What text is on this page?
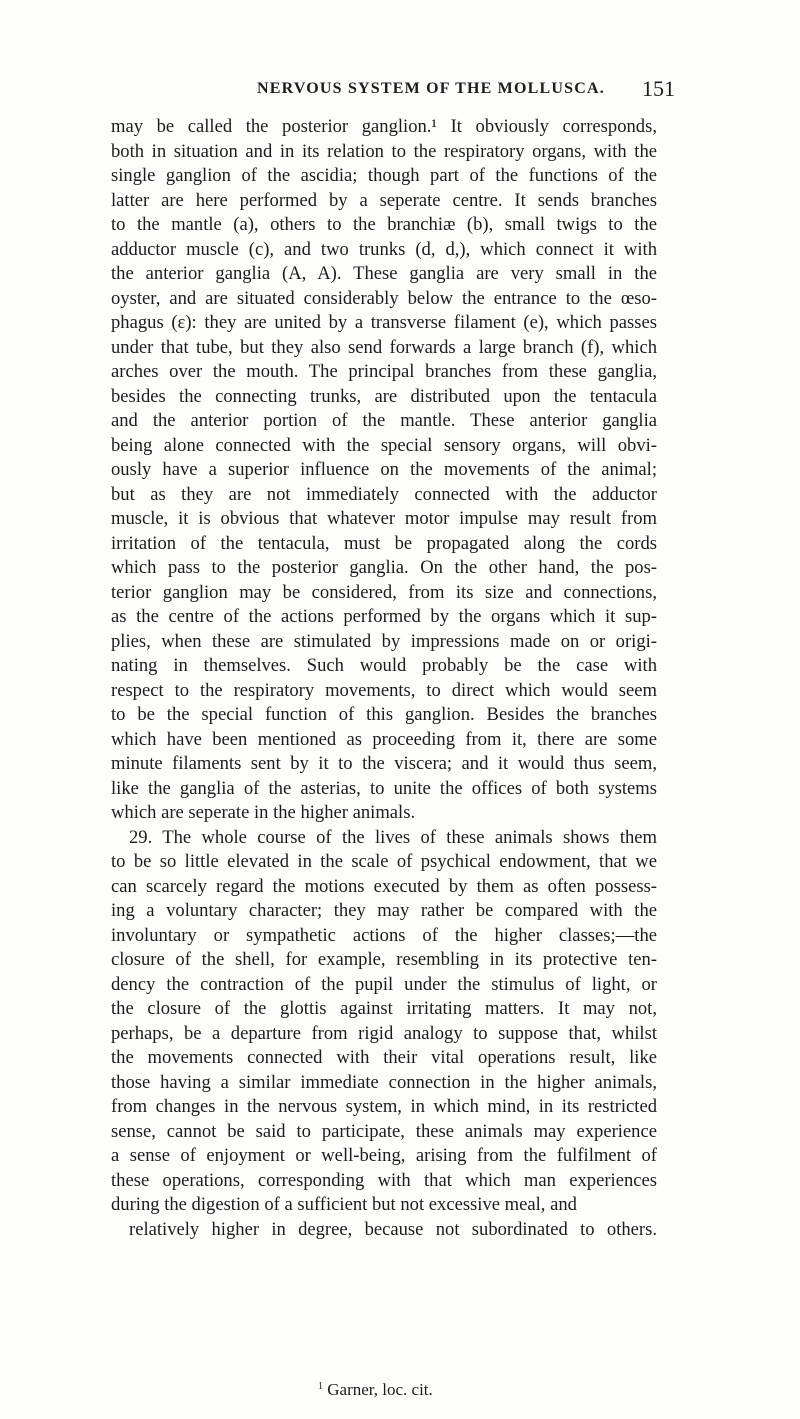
NERVOUS SYSTEM OF THE MOLLUSCA. 151
may be called the posterior ganglion.¹ It obviously corresponds,
both in situation and in its relation to the respiratory organs, with the
single ganglion of the ascidia; though part of the functions of the
latter are here performed by a seperate centre. It sends branches
to the mantle (a), others to the branchiæ (b), small twigs to the
adductor muscle (c), and two trunks (d, d,), which connect it with
the anterior ganglia (A, A). These ganglia are very small in the
oyster, and are situated considerably below the entrance to the œso-
phagus (ε): they are united by a transverse filament (e), which passes
under that tube, but they also send forwards a large branch (f), which
arches over the mouth. The principal branches from these ganglia,
besides the connecting trunks, are distributed upon the tentacula
and the anterior portion of the mantle. These anterior ganglia
being alone connected with the special sensory organs, will obvi-
ously have a superior influence on the movements of the animal;
but as they are not immediately connected with the adductor
muscle, it is obvious that whatever motor impulse may result from
irritation of the tentacula, must be propagated along the cords
which pass to the posterior ganglia. On the other hand, the pos-
terior ganglion may be considered, from its size and connections,
as the centre of the actions performed by the organs which it sup-
plies, when these are stimulated by impressions made on or origi-
nating in themselves. Such would probably be the case with
respect to the respiratory movements, to direct which would seem
to be the special function of this ganglion. Besides the branches
which have been mentioned as proceeding from it, there are some
minute filaments sent by it to the viscera; and it would thus seem,
like the ganglia of the asterias, to unite the offices of both systems
which are seperate in the higher animals.
29. The whole course of the lives of these animals shows them
to be so little elevated in the scale of psychical endowment, that we
can scarcely regard the motions executed by them as often possess-
ing a voluntary character; they may rather be compared with the
involuntary or sympathetic actions of the higher classes;—the
closure of the shell, for example, resembling in its protective ten-
dency the contraction of the pupil under the stimulus of light, or
the closure of the glottis against irritating matters. It may not,
perhaps, be a departure from rigid analogy to suppose that, whilst
the movements connected with their vital operations result, like
those having a similar immediate connection in the higher animals,
from changes in the nervous system, in which mind, in its restricted
sense, cannot be said to participate, these animals may experience
a sense of enjoyment or well-being, arising from the fulfilment of
these operations, corresponding with that which man experiences
during the digestion of a sufficient but not excessive meal, and
relatively higher in degree, because not subordinated to others.
$^1$ Garner, loc. cit.
